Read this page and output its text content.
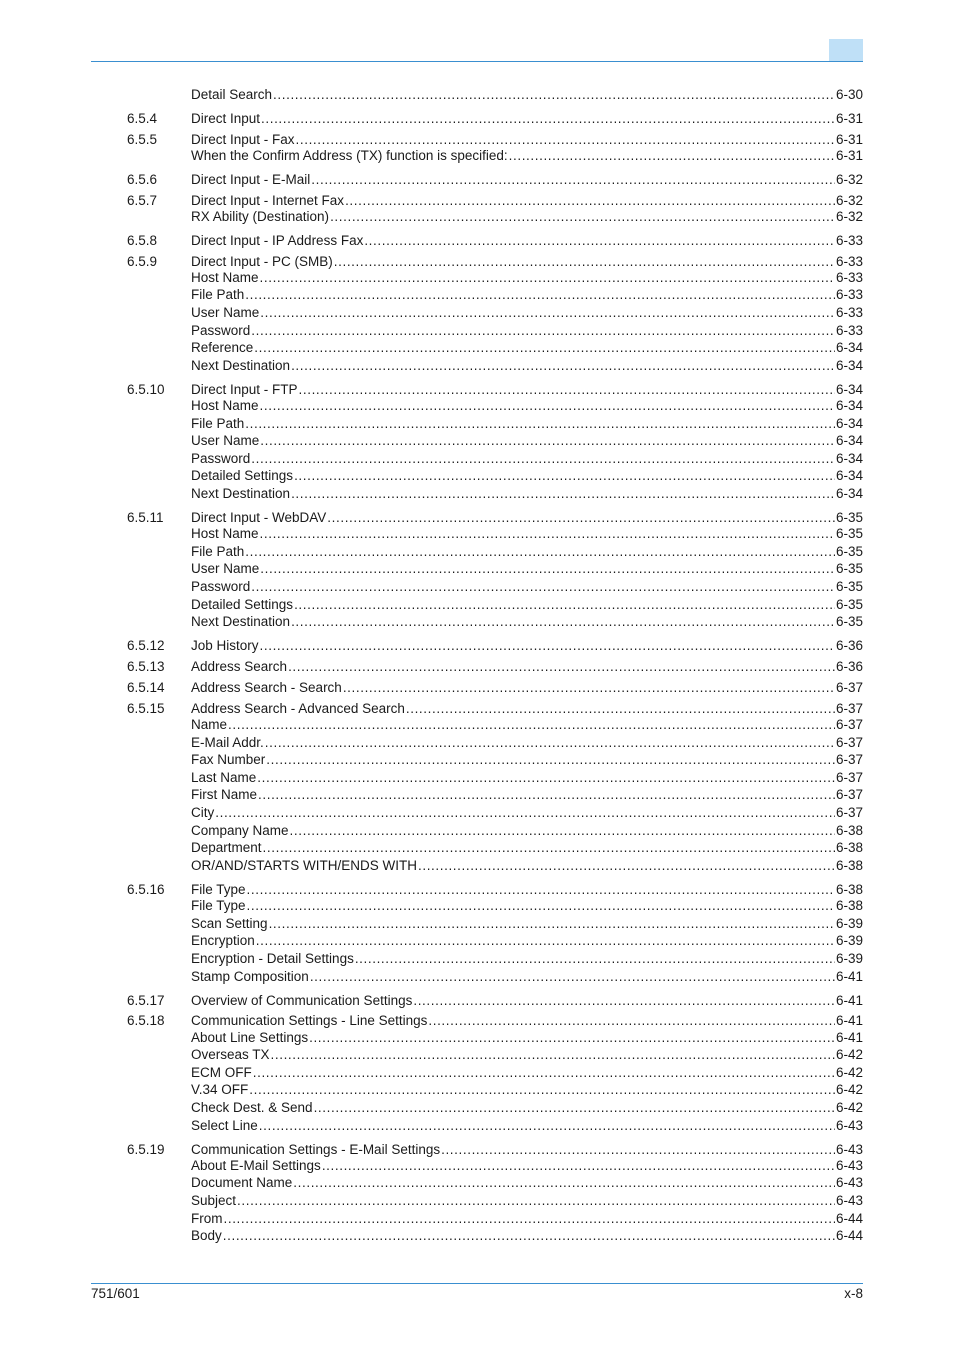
Detail Search .....	6-30
6.5.4	Direct Input .....	6-31
6.5.5	Direct Input - Fax .....	6-31
When the Confirm Address (TX) function is specified: .....	6-31
6.5.6	Direct Input - E-Mail .....	6-32
6.5.7	Direct Input - Internet Fax .....	6-32
RX Ability (Destination) .....	6-32
6.5.8	Direct Input - IP Address Fax .....	6-33
6.5.9	Direct Input - PC (SMB) .....	6-33
Host Name .....	6-33
File Path .....	6-33
User Name .....	6-33
Password .....	6-33
Reference .....	6-34
Next Destination .....	6-34
6.5.10 Direct Input - FTP .....	6-34
Host Name .....	6-34
File Path .....	6-34
User Name .....	6-34
Password .....	6-34
Detailed Settings .....	6-34
Next Destination .....	6-34
6.5.11 Direct Input - WebDAV .....	6-35
Host Name .....	6-35
File Path .....	6-35
User Name .....	6-35
Password .....	6-35
Detailed Settings .....	6-35
Next Destination .....	6-35
6.5.12 Job History .....	6-36
6.5.13 Address Search .....	6-36
6.5.14 Address Search - Search .....	6-37
6.5.15 Address Search - Advanced Search .....	6-37
Name .....	6-37
E-Mail Addr. .....	6-37
Fax Number .....	6-37
Last Name .....	6-37
First Name .....	6-37
City .....	6-37
Company Name .....	6-38
Department .....	6-38
OR/AND/STARTS WITH/ENDS WITH .....	6-38
6.5.16 File Type .....	6-38
File Type .....	6-38
Scan Setting .....	6-39
Encryption .....	6-39
Encryption - Detail Settings .....	6-39
Stamp Composition .....	6-41
6.5.17 Overview of Communication Settings .....	6-41
6.5.18 Communication Settings - Line Settings .....	6-41
About Line Settings .....	6-41
Overseas TX .....	6-42
ECM OFF .....	6-42
V.34 OFF .....	6-42
Check Dest. & Send .....	6-42
Select Line .....	6-43
6.5.19 Communication Settings - E-Mail Settings .....	6-43
About E-Mail Settings .....	6-43
Document Name .....	6-43
Subject .....	6-43
From .....	6-44
Body .....	6-44
751/601	x-8
